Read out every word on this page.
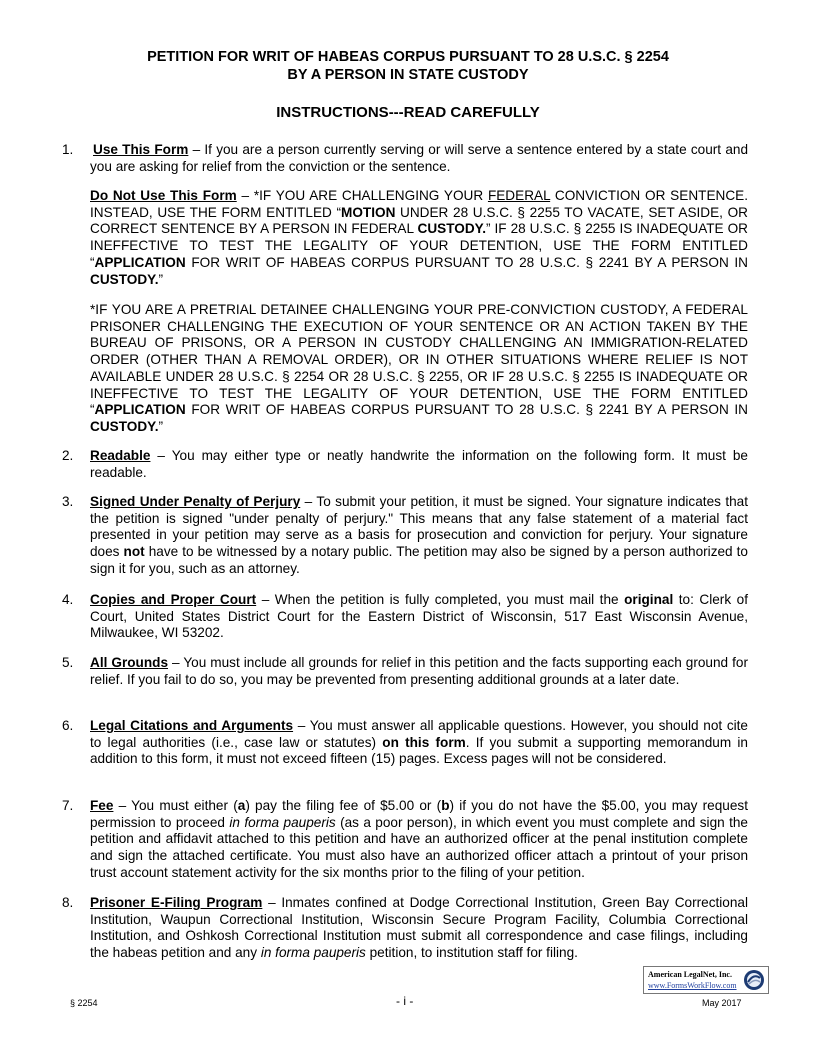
PETITION FOR WRIT OF HABEAS CORPUS PURSUANT TO 28 U.S.C. § 2254
BY A PERSON IN STATE CUSTODY
INSTRUCTIONS---READ CAREFULLY
1. Use This Form – If you are a person currently serving or will serve a sentence entered by a state court and you are asking for relief from the conviction or the sentence.
Do Not Use This Form – *IF YOU ARE CHALLENGING YOUR FEDERAL CONVICTION OR SENTENCE. INSTEAD, USE THE FORM ENTITLED “MOTION UNDER 28 U.S.C. § 2255 TO VACATE, SET ASIDE, OR CORRECT SENTENCE BY A PERSON IN FEDERAL CUSTODY.” IF 28 U.S.C. § 2255 IS INADEQUATE OR INEFFECTIVE TO TEST THE LEGALITY OF YOUR DETENTION, USE THE FORM ENTITLED “APPLICATION FOR WRIT OF HABEAS CORPUS PURSUANT TO 28 U.S.C. § 2241 BY A PERSON IN CUSTODY.”
*IF YOU ARE A PRETRIAL DETAINEE CHALLENGING YOUR PRE-CONVICTION CUSTODY, A FEDERAL PRISONER CHALLENGING THE EXECUTION OF YOUR SENTENCE OR AN ACTION TAKEN BY THE BUREAU OF PRISONS, OR A PERSON IN CUSTODY CHALLENGING AN IMMIGRATION-RELATED ORDER (OTHER THAN A REMOVAL ORDER), OR IN OTHER SITUATIONS WHERE RELIEF IS NOT AVAILABLE UNDER 28 U.S.C. § 2254 OR 28 U.S.C. § 2255, OR IF 28 U.S.C. § 2255 IS INADEQUATE OR INEFFECTIVE TO TEST THE LEGALITY OF YOUR DETENTION, USE THE FORM ENTITLED “APPLICATION FOR WRIT OF HABEAS CORPUS PURSUANT TO 28 U.S.C. § 2241 BY A PERSON IN CUSTODY.”
2. Readable – You may either type or neatly handwrite the information on the following form. It must be readable.
3. Signed Under Penalty of Perjury – To submit your petition, it must be signed. Your signature indicates that the petition is signed "under penalty of perjury." This means that any false statement of a material fact presented in your petition may serve as a basis for prosecution and conviction for perjury. Your signature does not have to be witnessed by a notary public. The petition may also be signed by a person authorized to sign it for you, such as an attorney.
4. Copies and Proper Court – When the petition is fully completed, you must mail the original to: Clerk of Court, United States District Court for the Eastern District of Wisconsin, 517 East Wisconsin Avenue, Milwaukee, WI 53202.
5. All Grounds – You must include all grounds for relief in this petition and the facts supporting each ground for relief. If you fail to do so, you may be prevented from presenting additional grounds at a later date.
6. Legal Citations and Arguments – You must answer all applicable questions. However, you should not cite to legal authorities (i.e., case law or statutes) on this form. If you submit a supporting memorandum in addition to this form, it must not exceed fifteen (15) pages. Excess pages will not be considered.
7. Fee – You must either (a) pay the filing fee of $5.00 or (b) if you do not have the $5.00, you may request permission to proceed in forma pauperis (as a poor person), in which event you must complete and sign the petition and affidavit attached to this petition and have an authorized officer at the penal institution complete and sign the attached certificate. You must also have an authorized officer attach a printout of your prison trust account statement activity for the six months prior to the filing of your petition.
8. Prisoner E-Filing Program – Inmates confined at Dodge Correctional Institution, Green Bay Correctional Institution, Waupun Correctional Institution, Wisconsin Secure Program Facility, Columbia Correctional Institution, and Oshkosh Correctional Institution must submit all correspondence and case filings, including the habeas petition and any in forma pauperis petition, to institution staff for filing.
American LegalNet, Inc.
www.FormsWorkFlow.com
§ 2254	- i -	May 2017
